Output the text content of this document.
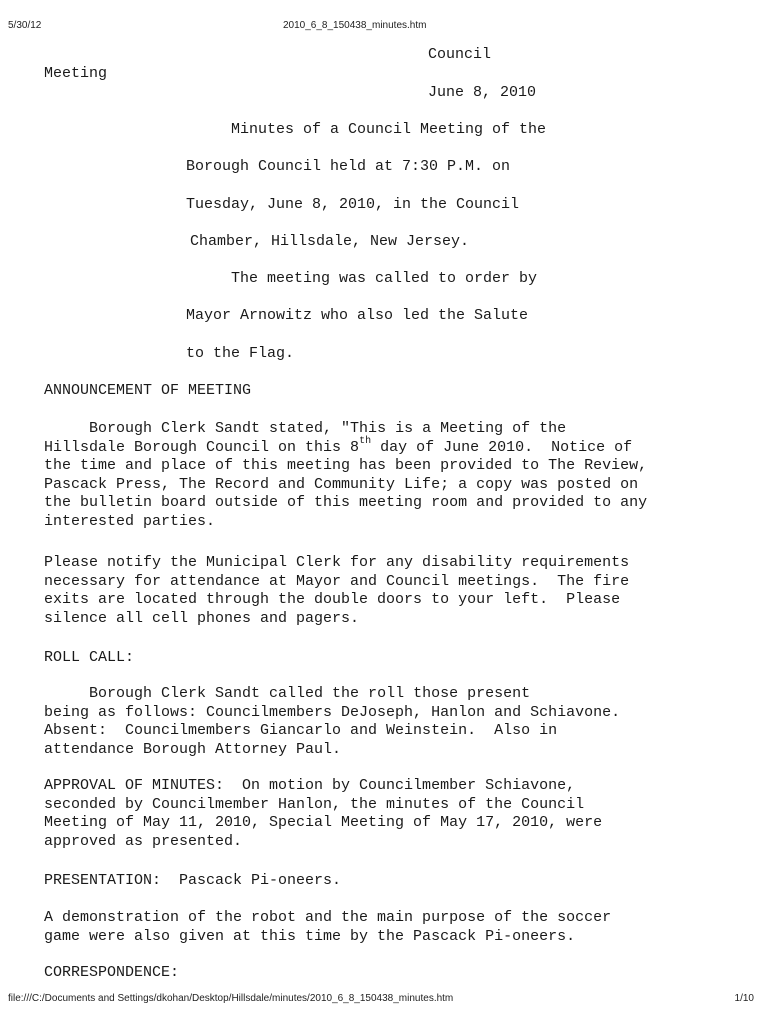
5/30/12	2010_6_8_150438_minutes.htm
Council
Meeting
June 8, 2010
Minutes of a Council Meeting of the
Borough Council held at 7:30 P.M. on
Tuesday, June 8, 2010, in the Council
Chamber, Hillsdale, New Jersey.
The meeting was called to order by
Mayor Arnowitz who also led the Salute
to the Flag.
ANNOUNCEMENT OF MEETING
Borough Clerk Sandt stated, "This is a Meeting of the
Hillsdale Borough Council on this 8th day of June 2010.  Notice of
the time and place of this meeting has been provided to The Review,
Pascack Press, The Record and Community Life; a copy was posted on
the bulletin board outside of this meeting room and provided to any
interested parties.
Please notify the Municipal Clerk for any disability requirements
necessary for attendance at Mayor and Council meetings.  The fire
exits are located through the double doors to your left.  Please
silence all cell phones and pagers.
ROLL CALL:
Borough Clerk Sandt called the roll those present
being as follows: Councilmembers DeJoseph, Hanlon and Schiavone.
Absent:  Councilmembers Giancarlo and Weinstein.  Also in
attendance Borough Attorney Paul.
APPROVAL OF MINUTES:  On motion by Councilmember Schiavone,
seconded by Councilmember Hanlon, the minutes of the Council
Meeting of May 11, 2010, Special Meeting of May 17, 2010, were
approved as presented.
PRESENTATION:  Pascack Pi-oneers.
A demonstration of the robot and the main purpose of the soccer
game were also given at this time by the Pascack Pi-oneers.
CORRESPONDENCE:
file:///C:/Documents and Settings/dkohan/Desktop/Hillsdale/minutes/2010_6_8_150438_minutes.htm	1/10
